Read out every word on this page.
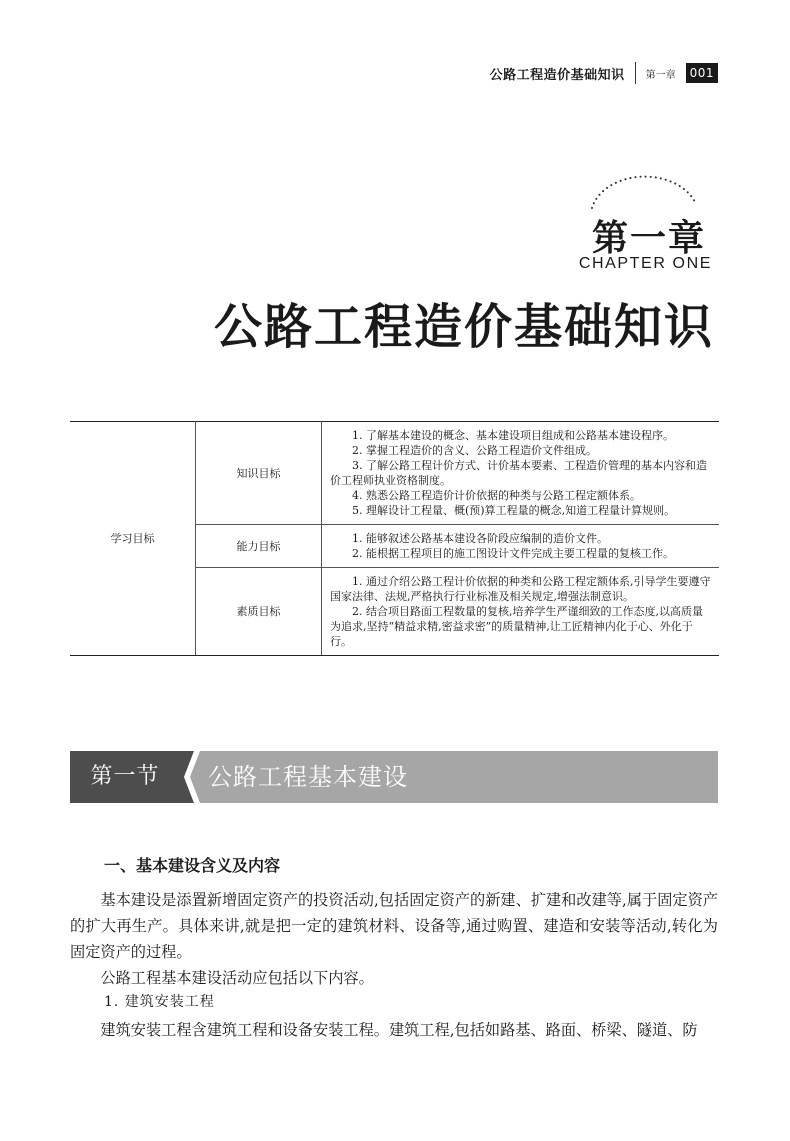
公路工程造价基础知识 第一章	001
第一章
CHAPTER ONE
公路工程造价基础知识
学习目标	知识目标	1. 了解基本建设的概念、基本建设项目组成和公路基本建设程序。

2. 掌握工程造价的含义、公路工程造价文件组成。

3. 了解公路工程计价方式、计价基本要素、工程造价管理的基本内容和造价工程师执业资格制度。

4. 熟悉公路工程造价计价依据的种类与公路工程定额体系。

5. 理解设计工程量、概(预)算工程量的概念,知道工程量计算规则。

	能力目标	1. 能够叙述公路基本建设各阶段应编制的造价文件。

2. 能根据工程项目的施工图设计文件完成主要工程量的复核工作。

	素质目标	1. 通过介绍公路工程计价依据的种类和公路工程定额体系,引导学生要遵守国家法律、法规,严格执行行业标准及相关规定,增强法制意识。

2. 结合项目路面工程数量的复核,培养学生严谨细致的工作态度,以高质量为追求,坚持“精益求精,密益求密”的质量精神,让工匠精神内化于心、外化于行。

第一节	公路工程基本建设
一、基本建设含义及内容

基本建设是添置新增固定资产的投资活动,包括固定资产的新建、扩建和改建等,属于固定资产的扩大再生产。具体来讲,就是把一定的建筑材料、设备等,通过购置、建造和安装等活动,转化为固定资产的过程。

公路工程基本建设活动应包括以下内容。

1. 建筑安装工程

建筑安装工程含建筑工程和设备安装工程。建筑工程,包括如路基、路面、桥梁、隧道、防
